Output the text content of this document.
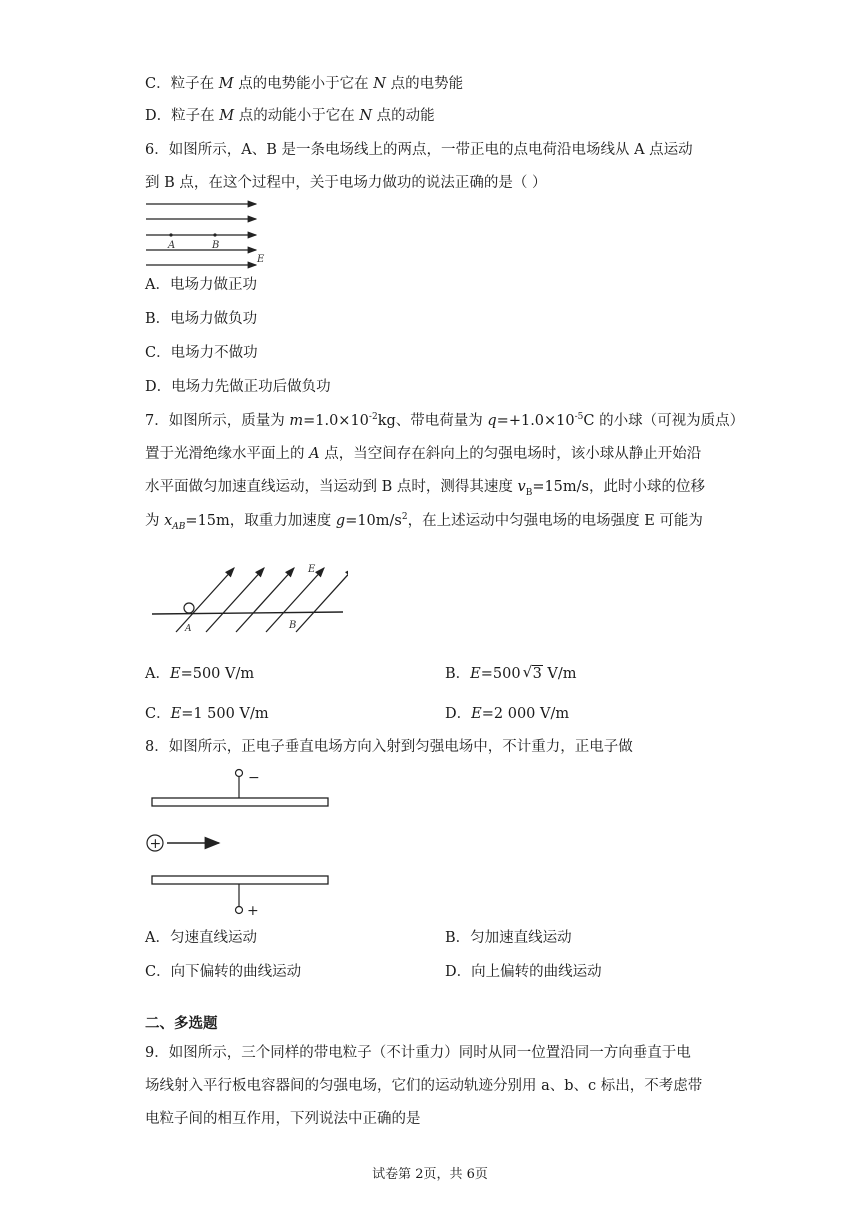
C．粒子在 M 点的电势能小于它在 N 点的电势能
D．粒子在 M 点的动能小于它在 N 点的动能
6．如图所示，A、B 是一条电场线上的两点，一带正电的点电荷沿电场线从 A 点运动
到 B 点，在这个过程中，关于电场力做功的说法正确的是（ ）
A	B
E
A．电场力做正功
B．电场力做负功
C．电场力不做功
D．电场力先做正功后做负功
7．如图所示，质量为 $m=1.0\times 10^{-2}kg$、带电荷量为 $q=+1.0\times 10^{-5}C$ 的小球（可视为质点）
置于光滑绝缘水平面上的 A 点，当空间存在斜向上的匀强电场时，该小球从静止开始沿
水平面做匀加速直线运动，当运动到 B 点时，测得其速度 $v_B=15m/s$，此时小球的位移
为 $x_{AB}=15m$，取重力加速度 $g=10m/s^2$，在上述运动中匀强电场的电场强度 E 可能为
A	B
E
A．E=500 V/m	B．E=500 √ 3 V/m
C．E=1 500 V/m	D．E=2 000 V/m
8．如图所示，正电子垂直电场方向入射到匀强电场中，不计重力，正电子做
−
+
+
A．匀速直线运动	B．匀加速直线运动
C．向下偏转的曲线运动	D．向上偏转的曲线运动
二、多选题
9．如图所示，三个同样的带电粒子（不计重力）同时从同一位置沿同一方向垂直于电
场线射入平行板电容器间的匀强电场，它们的运动轨迹分别用 a、b、c 标出，不考虑带
电粒子间的相互作用，下列说法中正确的是
试卷第 2页，共 6页
